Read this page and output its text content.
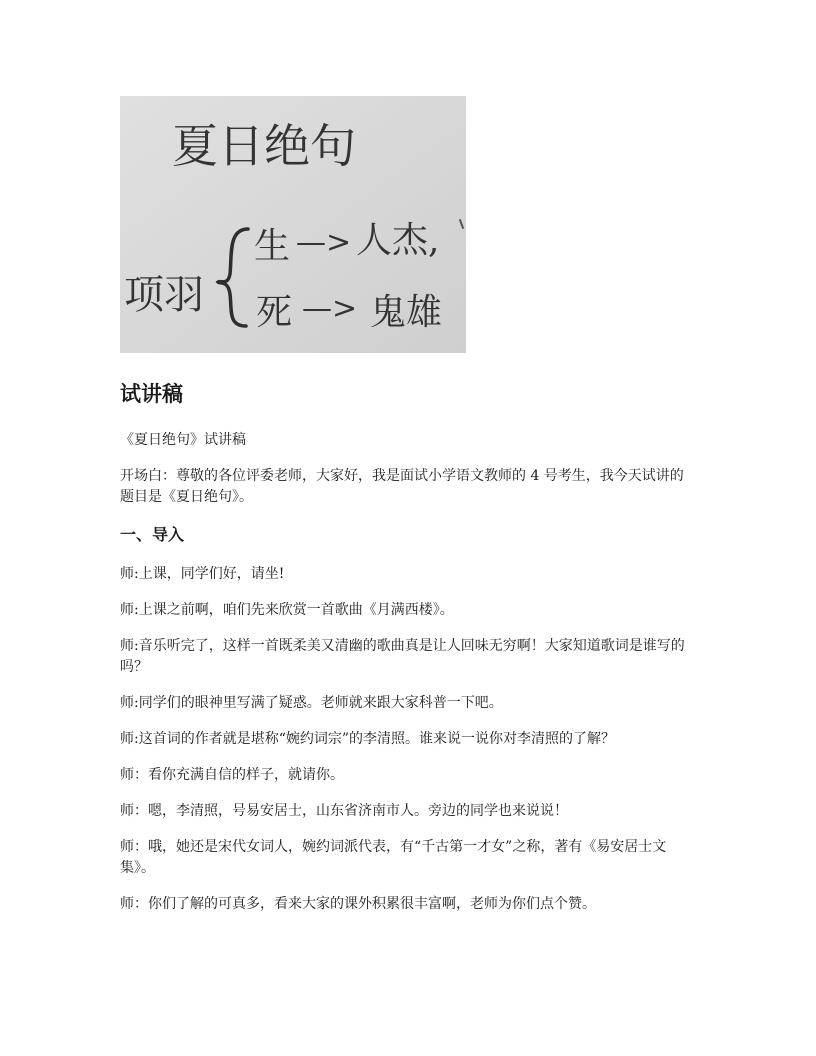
夏日绝句
项羽
生 —> 人杰,
死 —> 鬼雄
试讲稿

《夏日绝句》试讲稿

开场白：尊敬的各位评委老师，大家好，我是面试小学语文教师的 4 号考生，我今天试讲的题目是《夏日绝句》。

一、导入

师:上课，同学们好，请坐!

师:上课之前啊，咱们先来欣赏一首歌曲《月满西楼》。

师:音乐听完了，这样一首既柔美又清幽的歌曲真是让人回味无穷啊！大家知道歌词是谁写的吗？

师:同学们的眼神里写满了疑惑。老师就来跟大家科普一下吧。

师:这首词的作者就是堪称“婉约词宗”的李清照。谁来说一说你对李清照的了解？

师：看你充满自信的样子，就请你。

师：嗯，李清照，号易安居士，山东省济南市人。旁边的同学也来说说！

师：哦，她还是宋代女词人，婉约词派代表，有“千古第一才女”之称，著有《易安居士文集》。

师：你们了解的可真多，看来大家的课外积累很丰富啊，老师为你们点个赞。
